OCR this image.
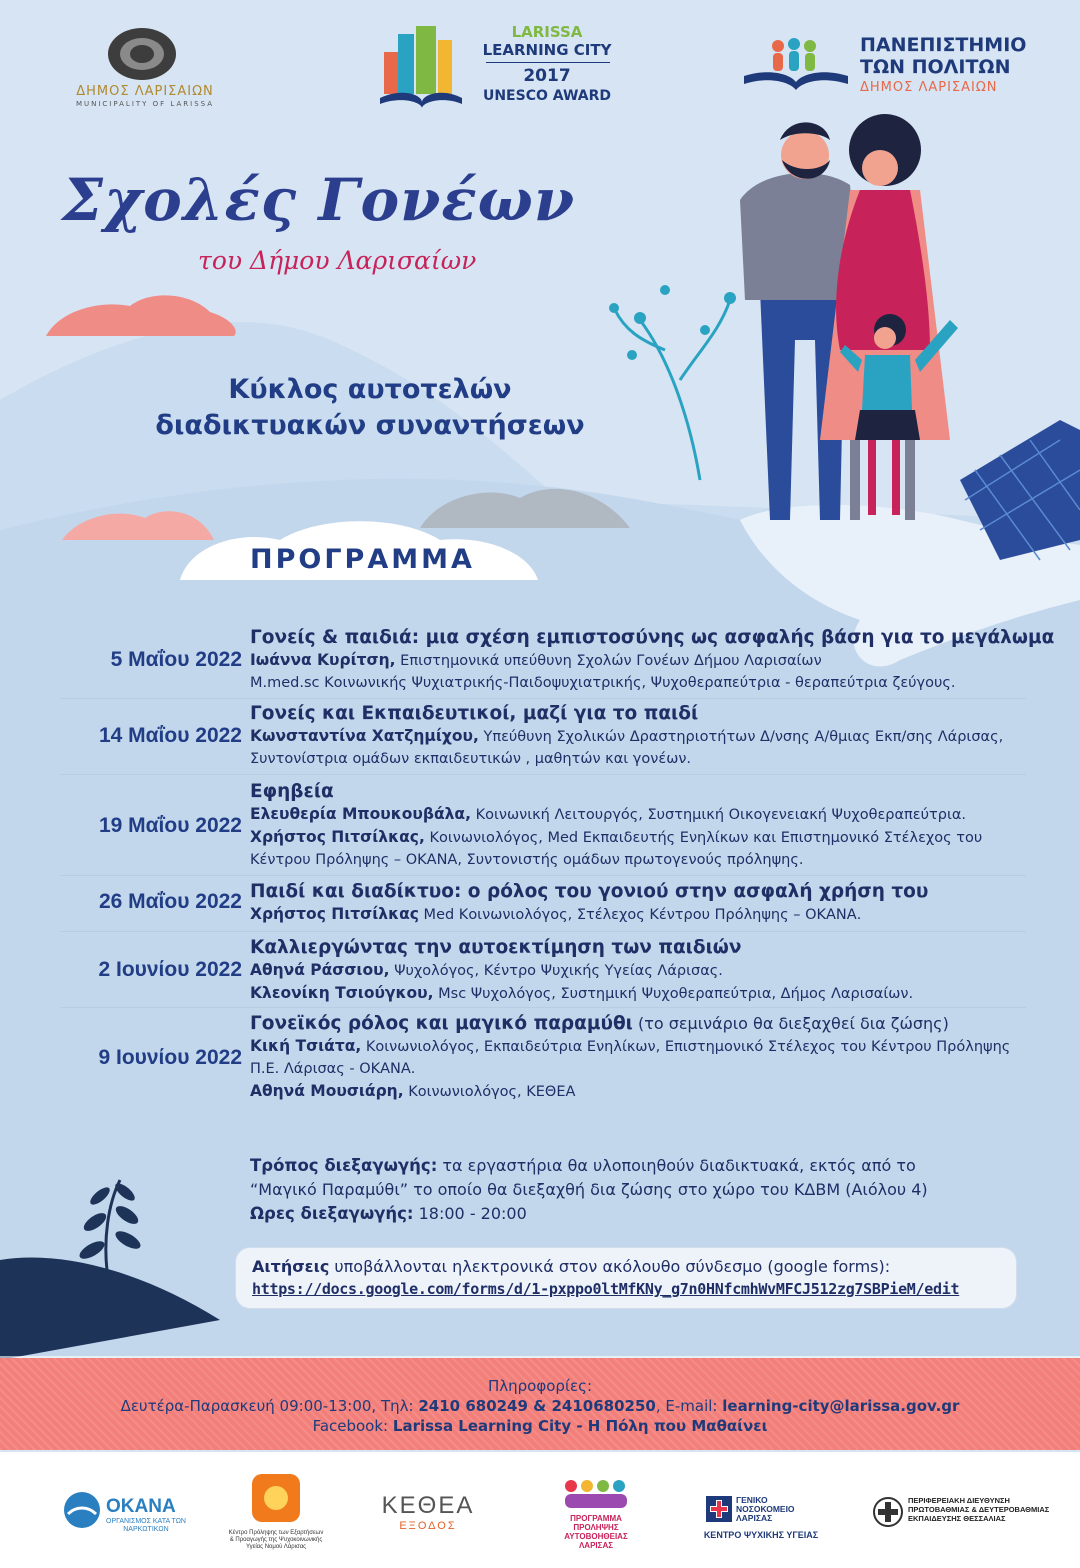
ΔΗΜΟΣ ΛΑΡΙΣΑΙΩΝ
MUNICIPALITY OF LARISSA
LARISSA
LEARNING CITY
2017
UNESCO AWARD
ΠΑΝΕΠΙΣΤΗΜΙΟ
ΤΩΝ ΠΟΛΙΤΩΝ
ΔΗΜΟΣ ΛΑΡΙΣΑΙΩΝ
Σχολές Γονέων
του Δήμου Λαρισαίων
Κύκλος αυτοτελών
διαδικτυακών συναντήσεων
ΠΡΟΓΡΑΜΜΑ
5 Μαΐου 2022
Γονείς & παιδιά: μια σχέση εμπιστοσύνης ως ασφαλής βάση για το μεγάλωμα
Ιωάννα Κυρίτση, Επιστημονικά υπεύθυνη Σχολών Γονέων Δήμου Λαρισαίων
M.med.sc Κοινωνικής Ψυχιατρικής-Παιδοψυχιατρικής, Ψυχοθεραπεύτρια - θεραπεύτρια ζεύγους.
14 Μαΐου 2022
Γονείς και Εκπαιδευτικοί, μαζί για το παιδί
Κωνσταντίνα Χατζημίχου, Υπεύθυνη Σχολικών Δραστηριοτήτων Δ/νσης Α/θμιας Εκπ/σης Λάρισας,
Συντονίστρια ομάδων εκπαιδευτικών , μαθητών και γονέων.
19 Μαΐου 2022
Εφηβεία
Ελευθερία Μπουκουβάλα, Κοινωνική Λειτουργός, Συστημική Οικογενειακή Ψυχοθεραπεύτρια.
Χρήστος Πιτσίλκας, Κοινωνιολόγος, Med Εκπαιδευτής Ενηλίκων και Επιστημονικό Στέλεχος του
Κέντρου Πρόληψης – ΟΚΑΝΑ, Συντονιστής ομάδων πρωτογενούς πρόληψης.
26 Μαΐου 2022 Παιδί και διαδίκτυο: ο ρόλος του γονιού στην ασφαλή χρήση του
Χρήστος Πιτσίλκας Med Κοινωνιολόγος, Στέλεχος Κέντρου Πρόληψης – ΟΚΑΝΑ.
2 Ιουνίου 2022
Καλλιεργώντας την αυτοεκτίμηση των παιδιών
Αθηνά Ράσσιου, Ψυχολόγος, Κέντρο Ψυχικής Υγείας Λάρισας.
Κλεονίκη Τσιούγκου, Msc Ψυχολόγος, Συστημική Ψυχοθεραπεύτρια, Δήμος Λαρισαίων.
9 Ιουνίου 2022
Γονεϊκός ρόλος και μαγικό παραμύθι (το σεμινάριο θα διεξαχθεί δια ζώσης)
Κική Τσιάτα, Κοινωνιολόγος, Εκπαιδεύτρια Ενηλίκων, Επιστημονικό Στέλεχος του Κέντρου Πρόληψης
Π.Ε. Λάρισας - ΟΚΑΝΑ.
Αθηνά Μουσιάρη, Κοινωνιολόγος, ΚΕΘΕΑ
Τρόπος διεξαγωγής: τα εργαστήρια θα υλοποιηθούν διαδικτυακά, εκτός από το
“Μαγικό Παραμύθι” το οποίο θα διεξαχθή δια ζώσης στο χώρο του ΚΔΒΜ (Αιόλου 4)
Ωρες διεξαγωγής: 18:00 - 20:00
Αιτήσεις υποβάλλονται ηλεκτρονικά στον ακόλουθο σύνδεσμο (google forms):
https://docs.google.com/forms/d/1-pxppo0ltMfKNy_g7n0HNfcmhWvMFCJ512zg7SBPieM/edit
Πληροφορίες:
Δευτέρα-Παρασκευή 09:00-13:00, Τηλ: 2410 680249 & 2410680250, E-mail: learning-city@larissa.gov.gr
Facebook: Larissa Learning City - Η Πόλη που Μαθαίνει
OKANA
ΟΡΓΑΝΙΣΜΟΣ ΚΑΤΑ ΤΩΝ ΝΑΡΚΩΤΙΚΩΝ	Κέντρο Πρόληψης των Εξαρτήσεων & Προαγωγής της Ψυχοκοινωνικής Υγείας Νομού Λάρισας
ΚΕΘΕΑ
ΕΞΟΔΟΣ
ΠΡΟΓΡΑΜΜΑ ΠΡΟΛΗΨΗΣ ΑΥΤΟΒΟΗΘΕΙΑΣ ΛΑΡΙΣΑΣ
ΓΕΝΙΚΟ ΝΟΣΟΚΟΜΕΙΟ ΛΑΡΙΣΑΣ
ΚΕΝΤΡΟ ΨΥΧΙΚΗΣ ΥΓΕΙΑΣ
ΠΕΡΙΦΕΡΕΙΑΚΗ ΔΙΕΥΘΥΝΣΗ ΠΡΩΤΟΒΑΘΜΙΑΣ & ΔΕΥΤΕΡΟΒΑΘΜΙΑΣ ΕΚΠΑΙΔΕΥΣΗΣ ΘΕΣΣΑΛΙΑΣ
